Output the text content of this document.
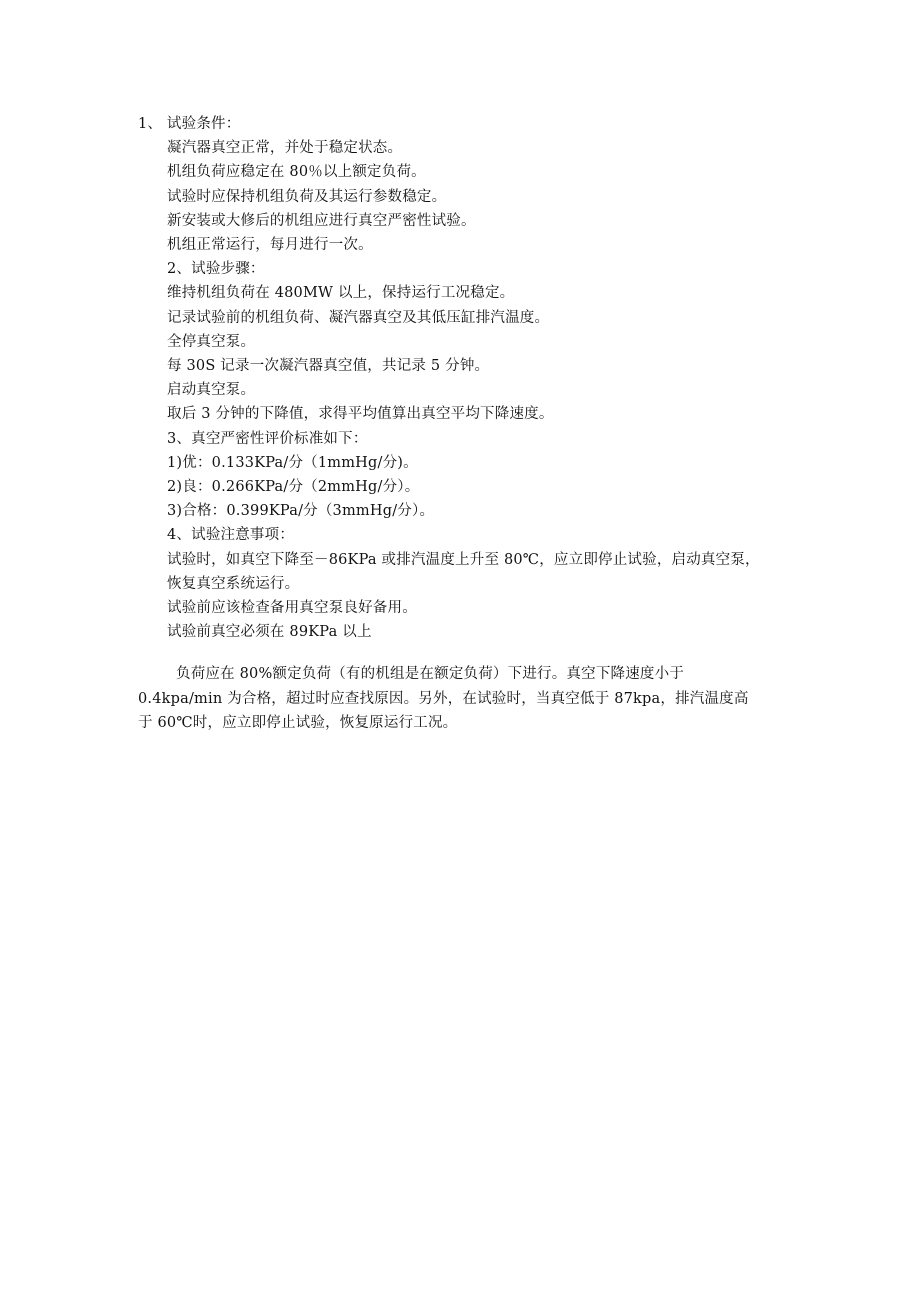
1、 试验条件：
凝汽器真空正常，并处于稳定状态。
机组负荷应稳定在 80％以上额定负荷。
试验时应保持机组负荷及其运行参数稳定。
新安装或大修后的机组应进行真空严密性试验。
机组正常运行，每月进行一次。
2、试验步骤：
维持机组负荷在 480MW 以上，保持运行工况稳定。
记录试验前的机组负荷、凝汽器真空及其低压缸排汽温度。
全停真空泵。
每 30S 记录一次凝汽器真空值，共记录 5 分钟。
启动真空泵。
取后 3 分钟的下降值，求得平均值算出真空平均下降速度。
3、真空严密性评价标准如下：
1)优：0.133KPa/分（1mmHg/分)。
2)良：0.266KPa/分（2mmHg/分）。
3)合格：0.399KPa/分（3mmHg/分）。
4、试验注意事项：
试验时，如真空下降至－86KPa 或排汽温度上升至 80℃，应立即停止试验，启动真空泵，
恢复真空系统运行。
试验前应该检查备用真空泵良好备用。
试验前真空必须在 89KPa 以上
负荷应在 80%额定负荷（有的机组是在额定负荷）下进行。真空下降速度小于
0.4kpa/min 为合格，超过时应查找原因。另外，在试验时，当真空低于 87kpa，排汽温度高
于 60℃时，应立即停止试验，恢复原运行工况。
